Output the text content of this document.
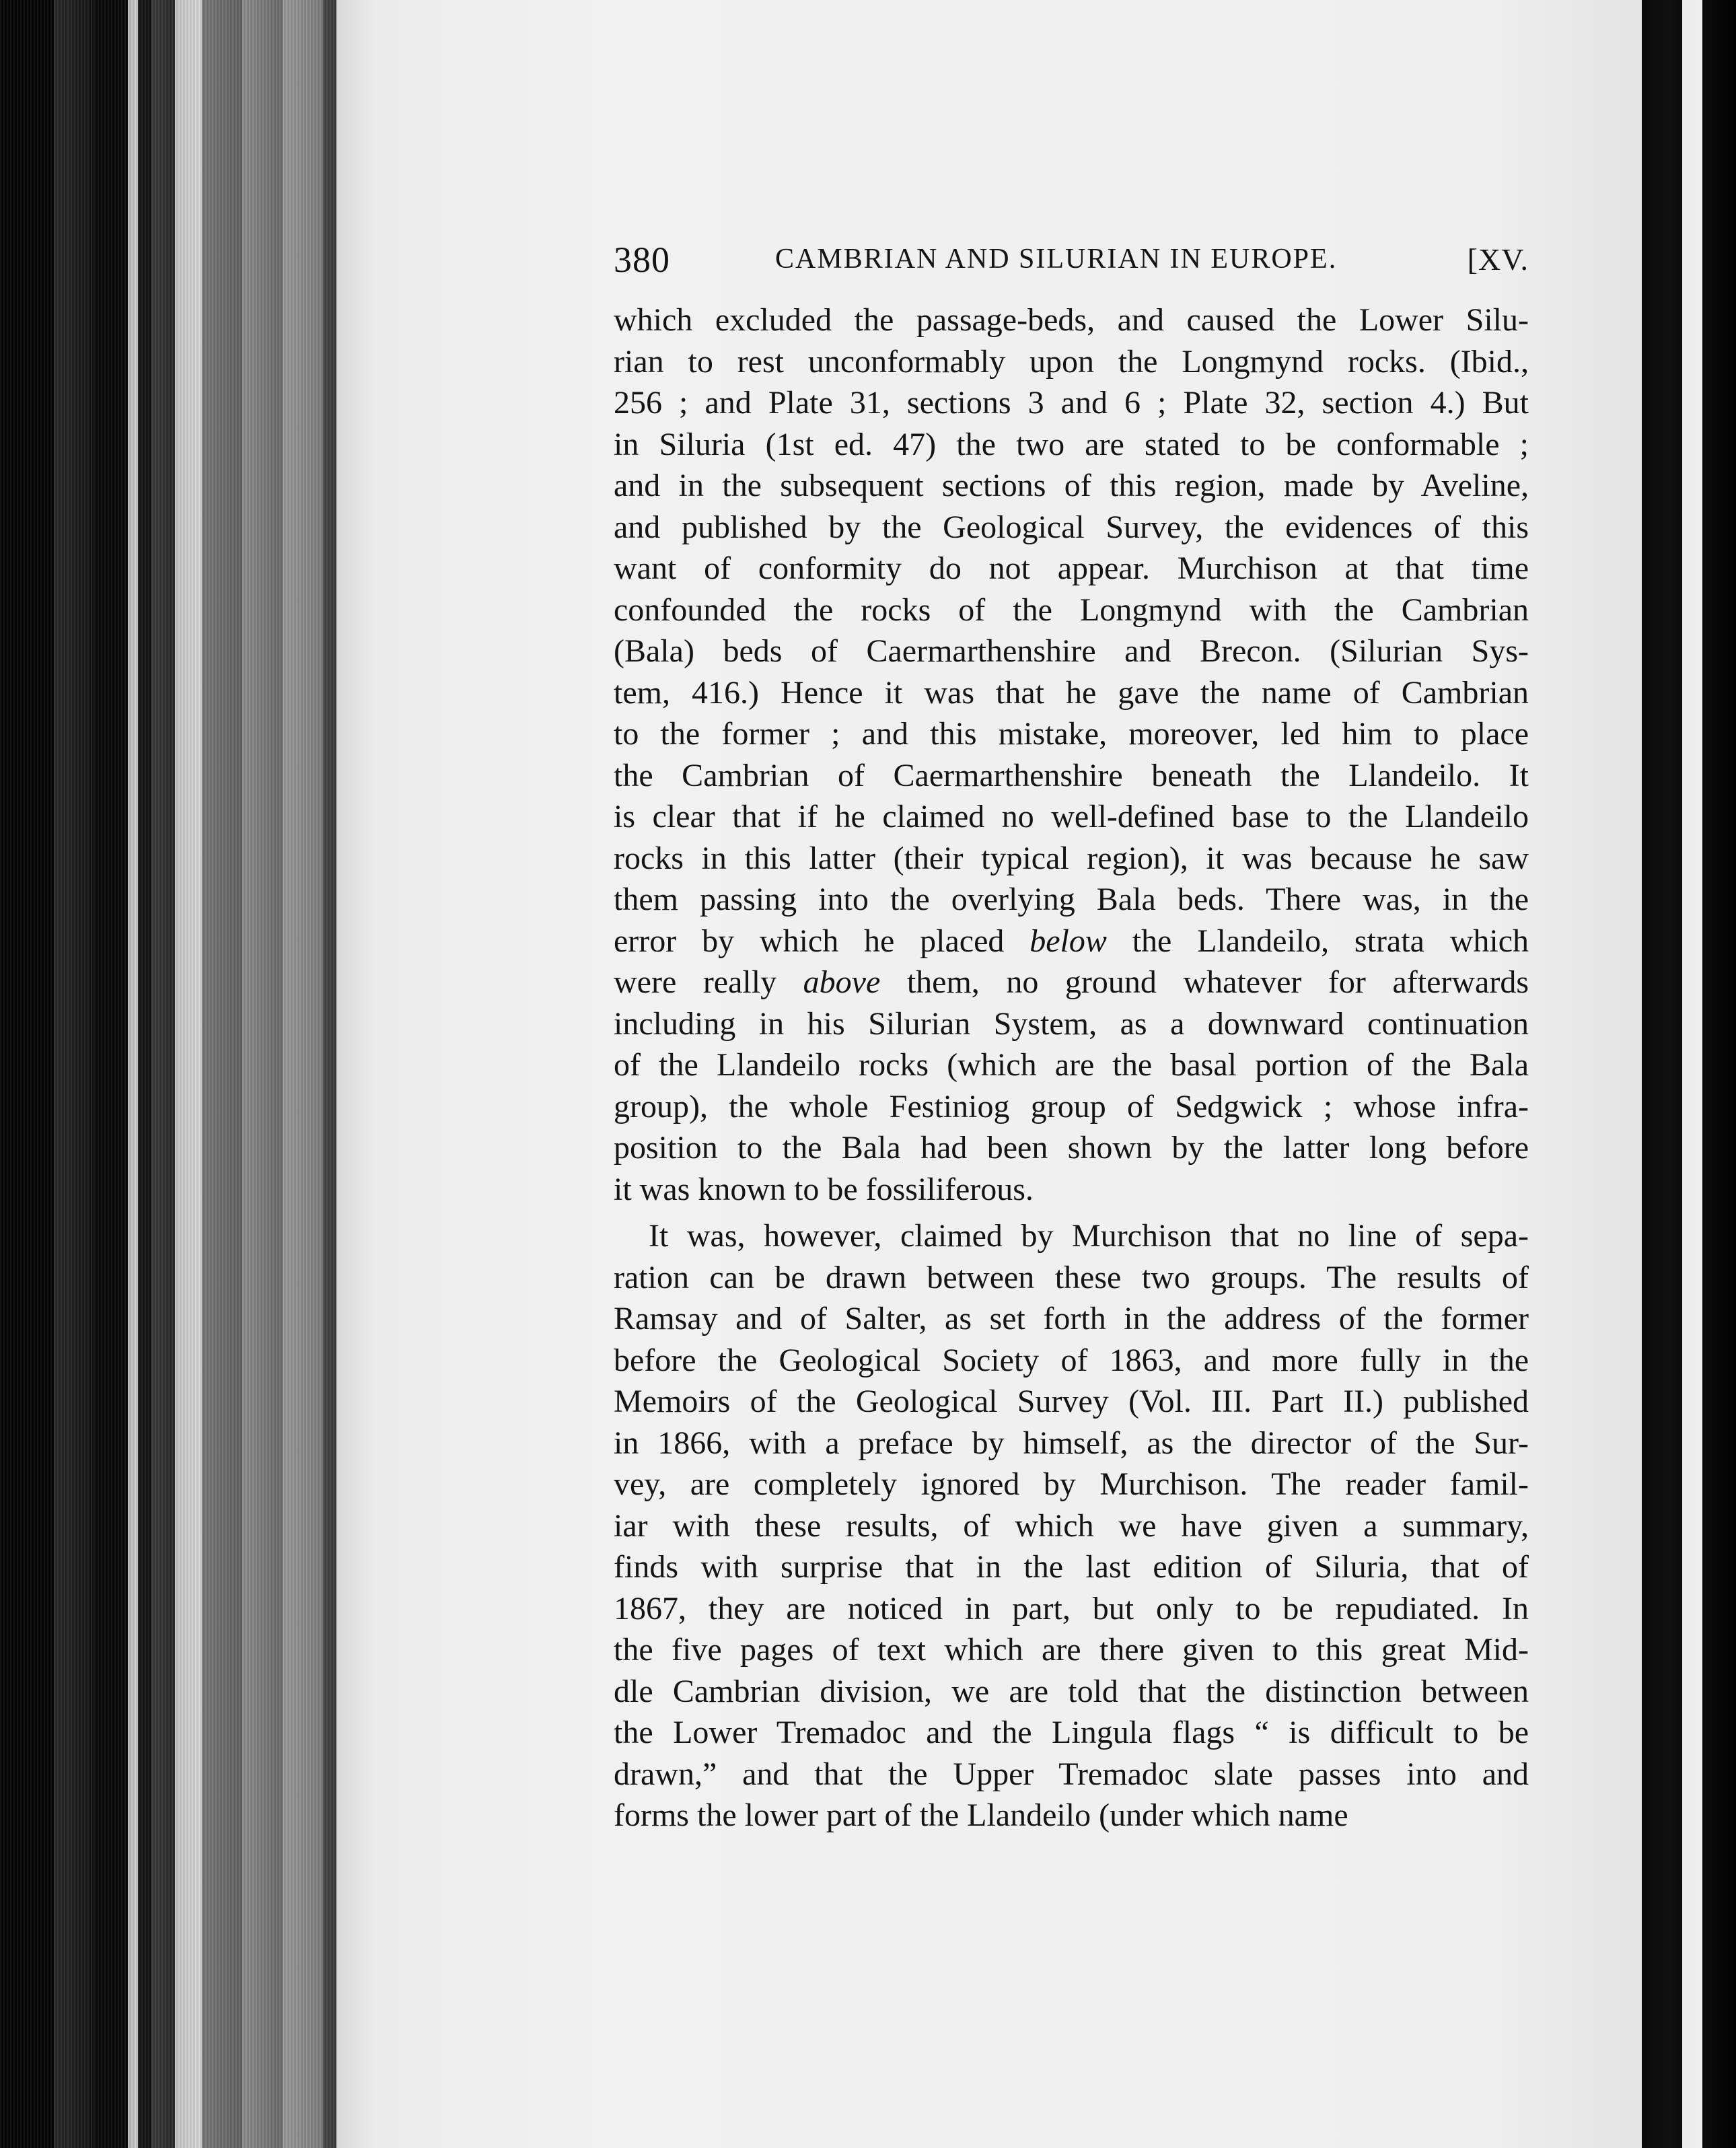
380	CAMBRIAN AND SILURIAN IN EUROPE.	[XV.
which excluded the passage-beds, and caused the Lower Silu-
rian to rest unconformably upon the Longmynd rocks. (Ibid.,
256 ; and Plate 31, sections 3 and 6 ; Plate 32, section 4.) But
in Siluria (1st ed. 47) the two are stated to be conformable ;
and in the subsequent sections of this region, made by Aveline,
and published by the Geological Survey, the evidences of this
want of conformity do not appear. Murchison at that time
confounded the rocks of the Longmynd with the Cambrian
(Bala) beds of Caermarthenshire and Brecon. (Silurian Sys-
tem, 416.) Hence it was that he gave the name of Cambrian
to the former ; and this mistake, moreover, led him to place
the Cambrian of Caermarthenshire beneath the Llandeilo. It
is clear that if he claimed no well-defined base to the Llandeilo
rocks in this latter (their typical region), it was because he saw
them passing into the overlying Bala beds. There was, in the
error by which he placed below the Llandeilo, strata which
were really above them, no ground whatever for afterwards
including in his Silurian System, as a downward continuation
of the Llandeilo rocks (which are the basal portion of the Bala
group), the whole Festiniog group of Sedgwick ; whose infra-
position to the Bala had been shown by the latter long before
it was known to be fossiliferous.
It was, however, claimed by Murchison that no line of sepa-
ration can be drawn between these two groups. The results of
Ramsay and of Salter, as set forth in the address of the former
before the Geological Society of 1863, and more fully in the
Memoirs of the Geological Survey (Vol. III. Part II.) published
in 1866, with a preface by himself, as the director of the Sur-
vey, are completely ignored by Murchison. The reader famil-
iar with these results, of which we have given a summary,
finds with surprise that in the last edition of Siluria, that of
1867, they are noticed in part, but only to be repudiated. In
the five pages of text which are there given to this great Mid-
dle Cambrian division, we are told that the distinction between
the Lower Tremadoc and the Lingula flags “ is difficult to be
drawn,” and that the Upper Tremadoc slate passes into and
forms the lower part of the Llandeilo (under which name
